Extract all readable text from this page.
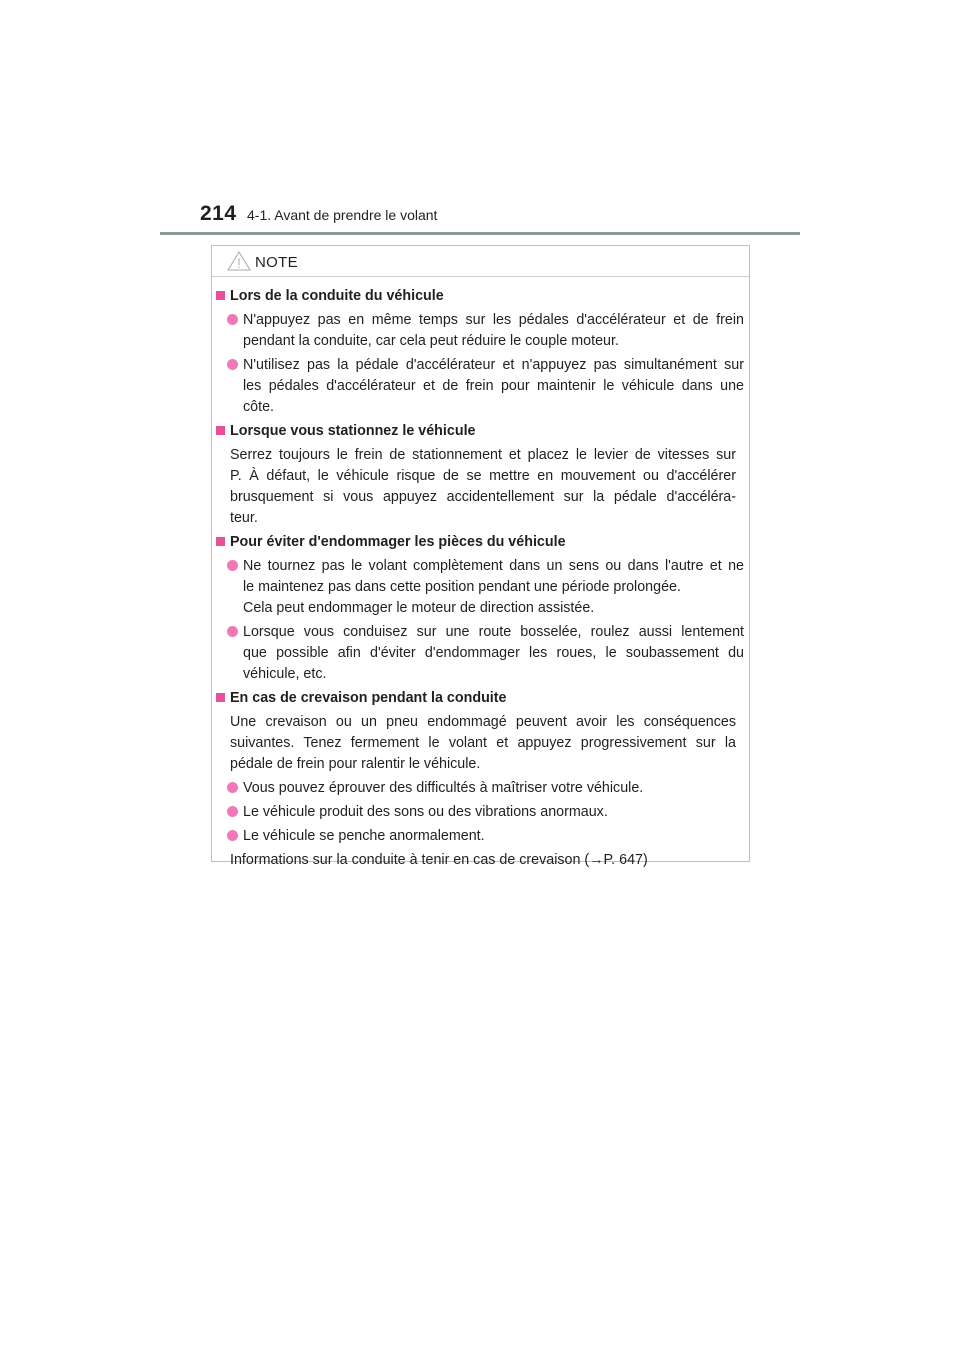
214 4-1. Avant de prendre le volant
NOTE
Lors de la conduite du véhicule
N'appuyez pas en même temps sur les pédales d'accélérateur et de frein
pendant la conduite, car cela peut réduire le couple moteur.
N'utilisez pas la pédale d'accélérateur et n'appuyez pas simultanément sur
les pédales d'accélérateur et de frein pour maintenir le véhicule dans une
côte.
Lorsque vous stationnez le véhicule
Serrez toujours le frein de stationnement et placez le levier de vitesses sur
P. À défaut, le véhicule risque de se mettre en mouvement ou d'accélérer
brusquement si vous appuyez accidentellement sur la pédale d'accéléra-
teur.
Pour éviter d'endommager les pièces du véhicule
Ne tournez pas le volant complètement dans un sens ou dans l'autre et ne
le maintenez pas dans cette position pendant une période prolongée.
Cela peut endommager le moteur de direction assistée.
Lorsque vous conduisez sur une route bosselée, roulez aussi lentement
que possible afin d'éviter d'endommager les roues, le soubassement du
véhicule, etc.
En cas de crevaison pendant la conduite
Une crevaison ou un pneu endommagé peuvent avoir les conséquences
suivantes. Tenez fermement le volant et appuyez progressivement sur la
pédale de frein pour ralentir le véhicule.
Vous pouvez éprouver des difficultés à maîtriser votre véhicule.
Le véhicule produit des sons ou des vibrations anormaux.
Le véhicule se penche anormalement.
Informations sur la conduite à tenir en cas de crevaison (→P. 647)
